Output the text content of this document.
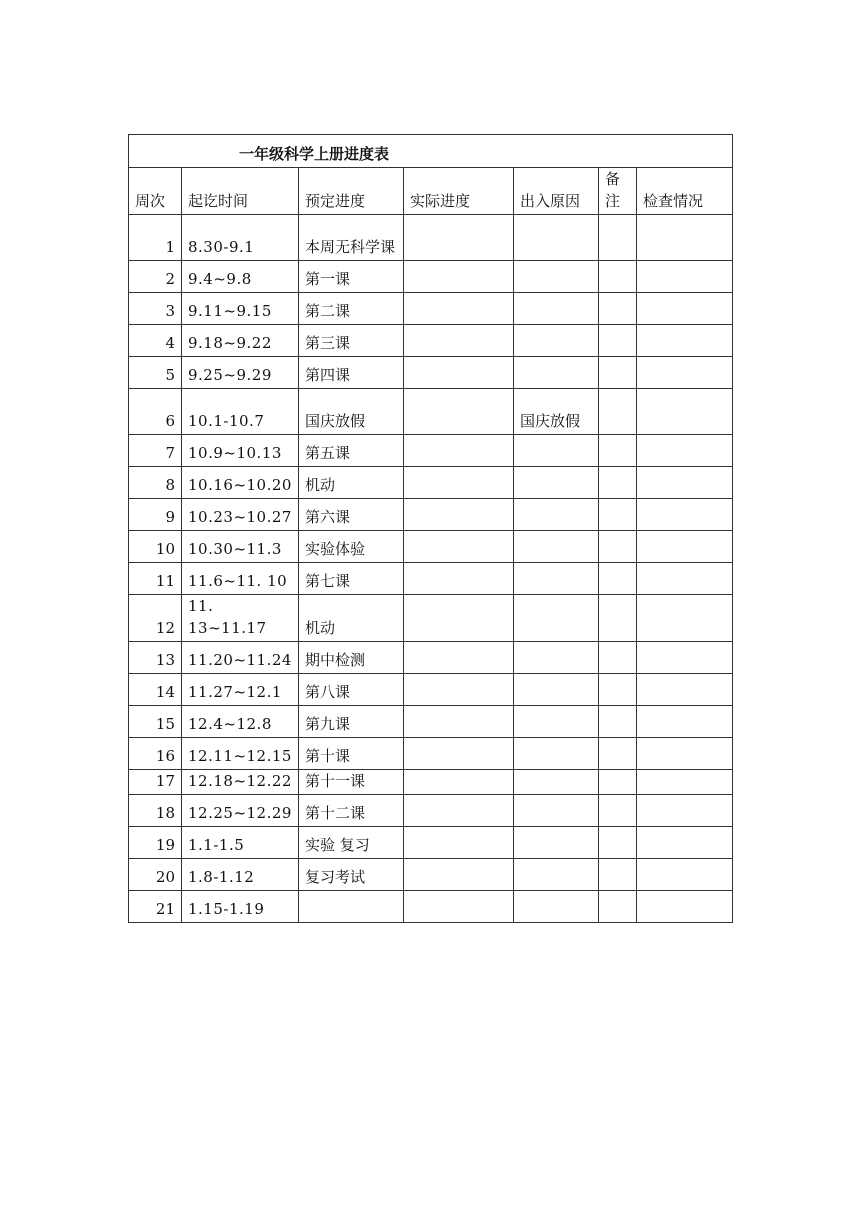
一年级科学上册进度表						
周次	起讫时间	预定进度	实际进度	出入原因	备注	检查情况
1	8.30-9.1	本周无科学课				
2	9.4~9.8	第一课				
3	9.11~9.15	第二课				
4	9.18~9.22	第三课				
5	9.25~9.29	第四课				
6	10.1-10.7	国庆放假		国庆放假		
7	10.9~10.13	第五课				
8	10.16~10.20	机动				
9	10.23~10.27	第六课				
10	10.30~11.3	实验体验				
11	11.6~11. 10	第七课				
12	11. 13~11.17	机动				
13	11.20~11.24	期中检测				
14	11.27~12.1	第八课				
15	12.4~12.8	第九课				
16	12.11~12.15	第十课				
17	12.18~12.22	第十一课				
18	12.25~12.29	第十二课				
19	1.1-1.5	实验 复习				
20	1.8-1.12	复习考试				
21	1.15-1.19					
